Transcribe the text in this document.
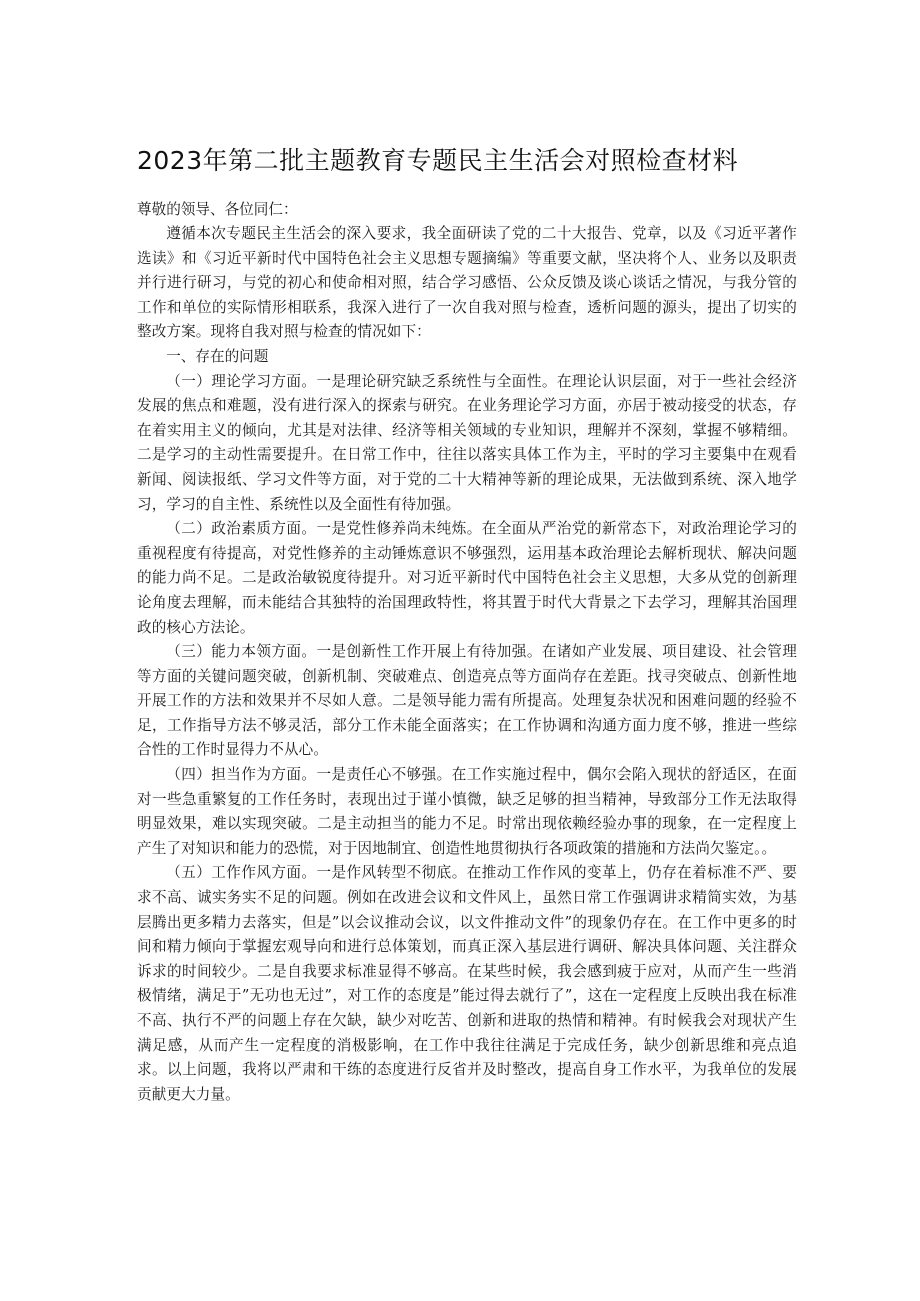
2023年第二批主题教育专题民主生活会对照检查材料

尊敬的领导、各位同仁：

遵循本次专题民主生活会的深入要求，我全面研读了党的二十大报告、党章，以及《习近平著作选读》和《习近平新时代中国特色社会主义思想专题摘编》等重要文献，坚决将个人、业务以及职责并行进行研习，与党的初心和使命相对照，结合学习感悟、公众反馈及谈心谈话之情况，与我分管的工作和单位的实际情形相联系，我深入进行了一次自我对照与检查，透析问题的源头，提出了切实的整改方案。现将自我对照与检查的情况如下：

一、存在的问题

（一）理论学习方面。一是理论研究缺乏系统性与全面性。在理论认识层面，对于一些社会经济发展的焦点和难题，没有进行深入的探索与研究。在业务理论学习方面，亦居于被动接受的状态，存在着实用主义的倾向，尤其是对法律、经济等相关领域的专业知识，理解并不深刻，掌握不够精细。二是学习的主动性需要提升。在日常工作中，往往以落实具体工作为主，平时的学习主要集中在观看新闻、阅读报纸、学习文件等方面，对于党的二十大精神等新的理论成果，无法做到系统、深入地学习，学习的自主性、系统性以及全面性有待加强。

（二）政治素质方面。一是党性修养尚未纯炼。在全面从严治党的新常态下，对政治理论学习的重视程度有待提高，对党性修养的主动锤炼意识不够强烈，运用基本政治理论去解析现状、解决问题的能力尚不足。二是政治敏锐度待提升。对习近平新时代中国特色社会主义思想，大多从党的创新理论角度去理解，而未能结合其独特的治国理政特性，将其置于时代大背景之下去学习，理解其治国理政的核心方法论。

（三）能力本领方面。一是创新性工作开展上有待加强。在诸如产业发展、项目建设、社会管理等方面的关键问题突破，创新机制、突破难点、创造亮点等方面尚存在差距。找寻突破点、创新性地开展工作的方法和效果并不尽如人意。二是领导能力需有所提高。处理复杂状况和困难问题的经验不足，工作指导方法不够灵活，部分工作未能全面落实；在工作协调和沟通方面力度不够，推进一些综合性的工作时显得力不从心。

（四）担当作为方面。一是责任心不够强。在工作实施过程中，偶尔会陷入现状的舒适区，在面对一些急重繁复的工作任务时，表现出过于谨小慎微，缺乏足够的担当精神，导致部分工作无法取得明显效果，难以实现突破。二是主动担当的能力不足。时常出现依赖经验办事的现象，在一定程度上产生了对知识和能力的恐慌，对于因地制宜、创造性地贯彻执行各项政策的措施和方法尚欠鉴定。。

（五）工作作风方面。一是作风转型不彻底。在推动工作作风的变革上，仍存在着标准不严、要求不高、诚实务实不足的问题。例如在改进会议和文件风上，虽然日常工作强调讲求精简实效，为基层腾出更多精力去落实，但是”以会议推动会议，以文件推动文件”的现象仍存在。在工作中更多的时间和精力倾向于掌握宏观导向和进行总体策划，而真正深入基层进行调研、解决具体问题、关注群众诉求的时间较少。二是自我要求标准显得不够高。在某些时候，我会感到疲于应对，从而产生一些消极情绪，满足于”无功也无过”，对工作的态度是”能过得去就行了”，这在一定程度上反映出我在标准不高、执行不严的问题上存在欠缺，缺少对吃苦、创新和进取的热情和精神。有时候我会对现状产生满足感，从而产生一定程度的消极影响，在工作中我往往满足于完成任务，缺少创新思维和亮点追求。以上问题，我将以严肃和干练的态度进行反省并及时整改，提高自身工作水平，为我单位的发展贡献更大力量。
